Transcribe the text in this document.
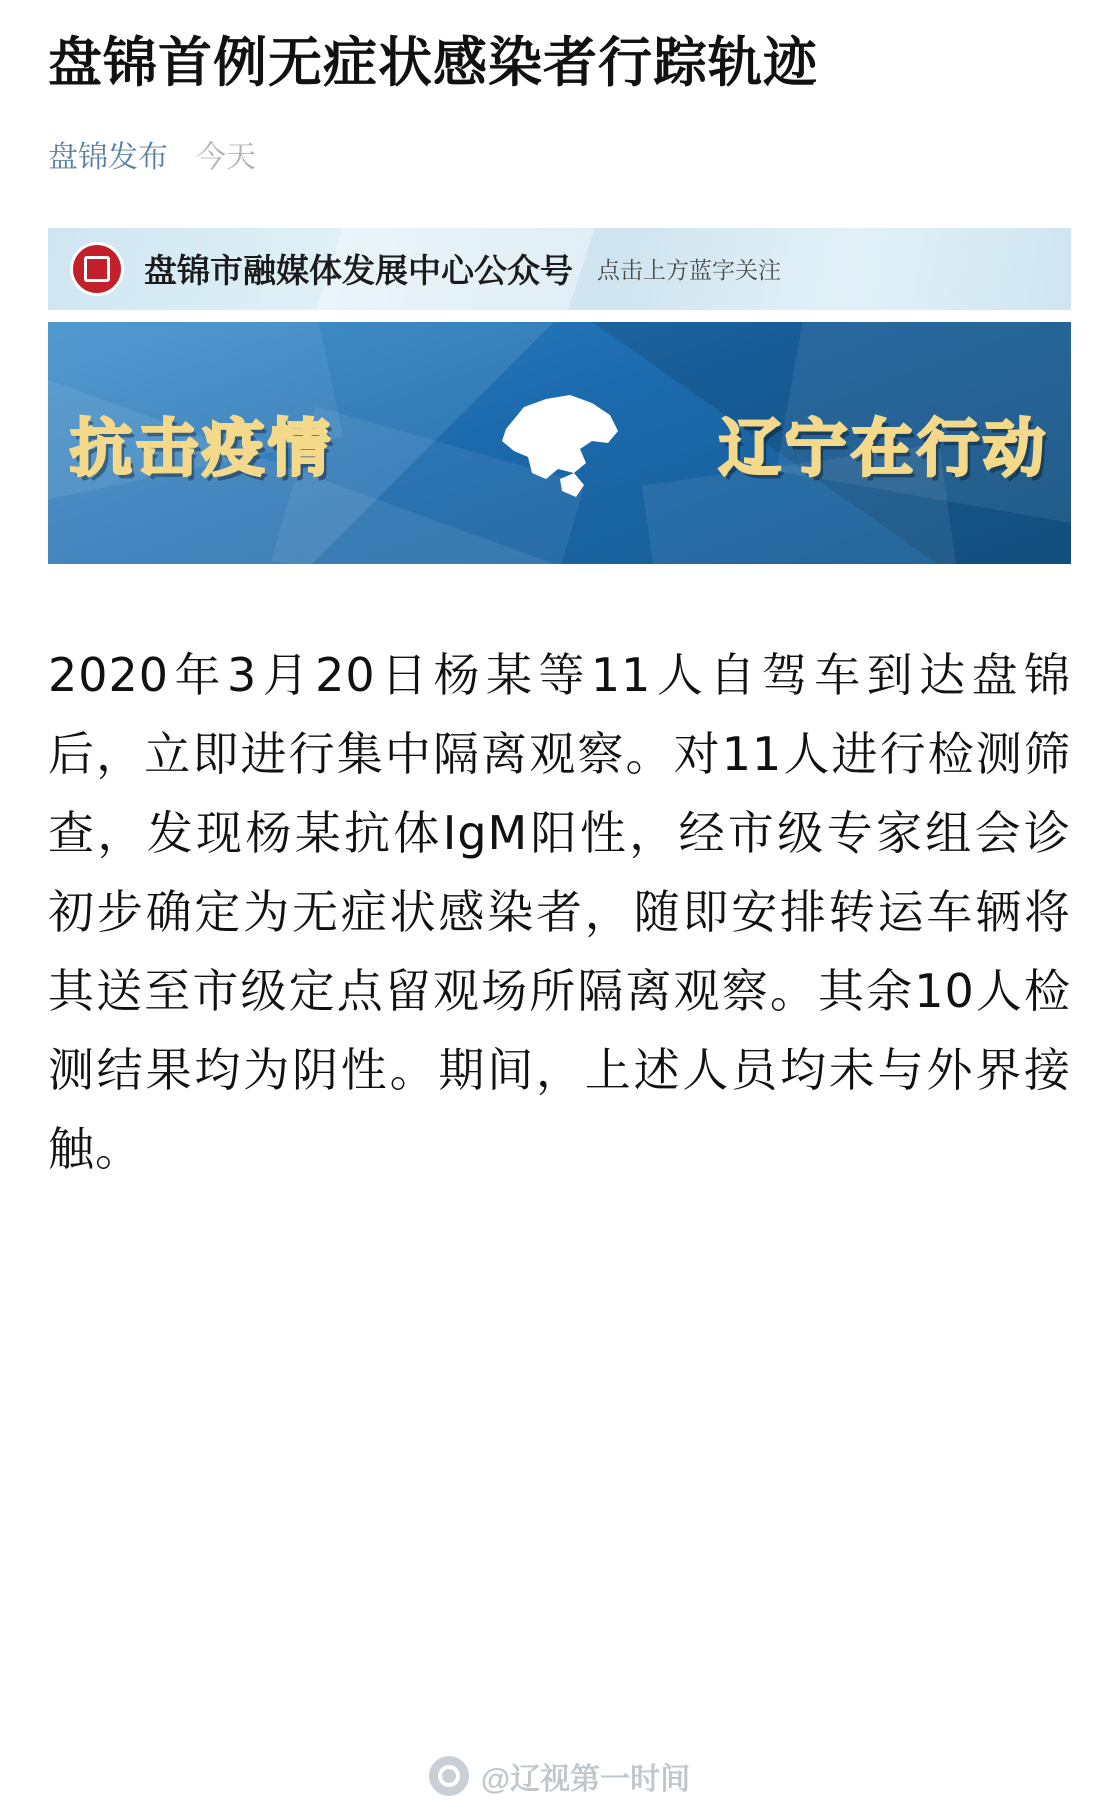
盘锦首例无症状感染者行踪轨迹
盘锦发布 今天
盘锦市融媒体发展中心公众号 点击上方蓝字关注
抗击疫情	辽宁在行动

2020年3月20日杨某等11人自驾车到达盘锦后，立即进行集中隔离观察。对11人进行检测筛查，发现杨某抗体IgM阳性，经市级专家组会诊初步确定为无症状感染者，随即安排转运车辆将其送至市级定点留观场所隔离观察。其余10人检测结果均为阴性。期间，上述人员均未与外界接触。

@辽视第一时间
